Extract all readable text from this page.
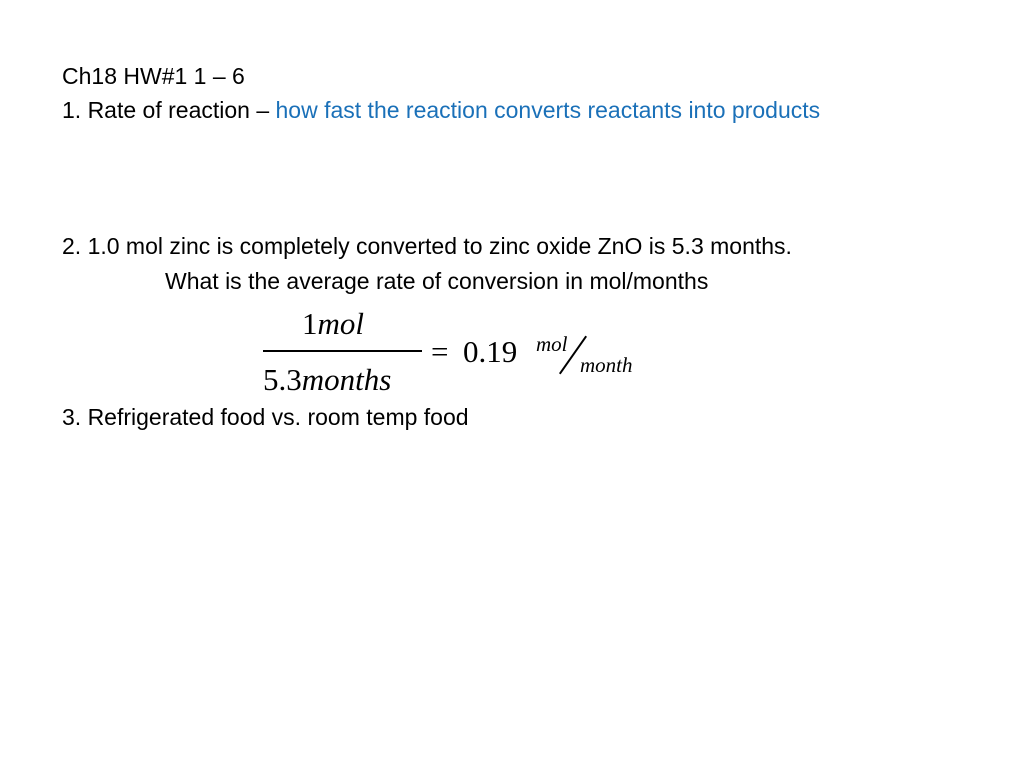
Ch18 HW#1 1 – 6
1. Rate of reaction – how fast the reaction converts reactants into products
2. 1.0 mol zinc is completely converted to zinc oxide ZnO is 5.3 months.
What is the average rate of conversion in mol/months
1mol
5.3months
= 0.19 mol
month
3. Refrigerated food vs. room temp food
